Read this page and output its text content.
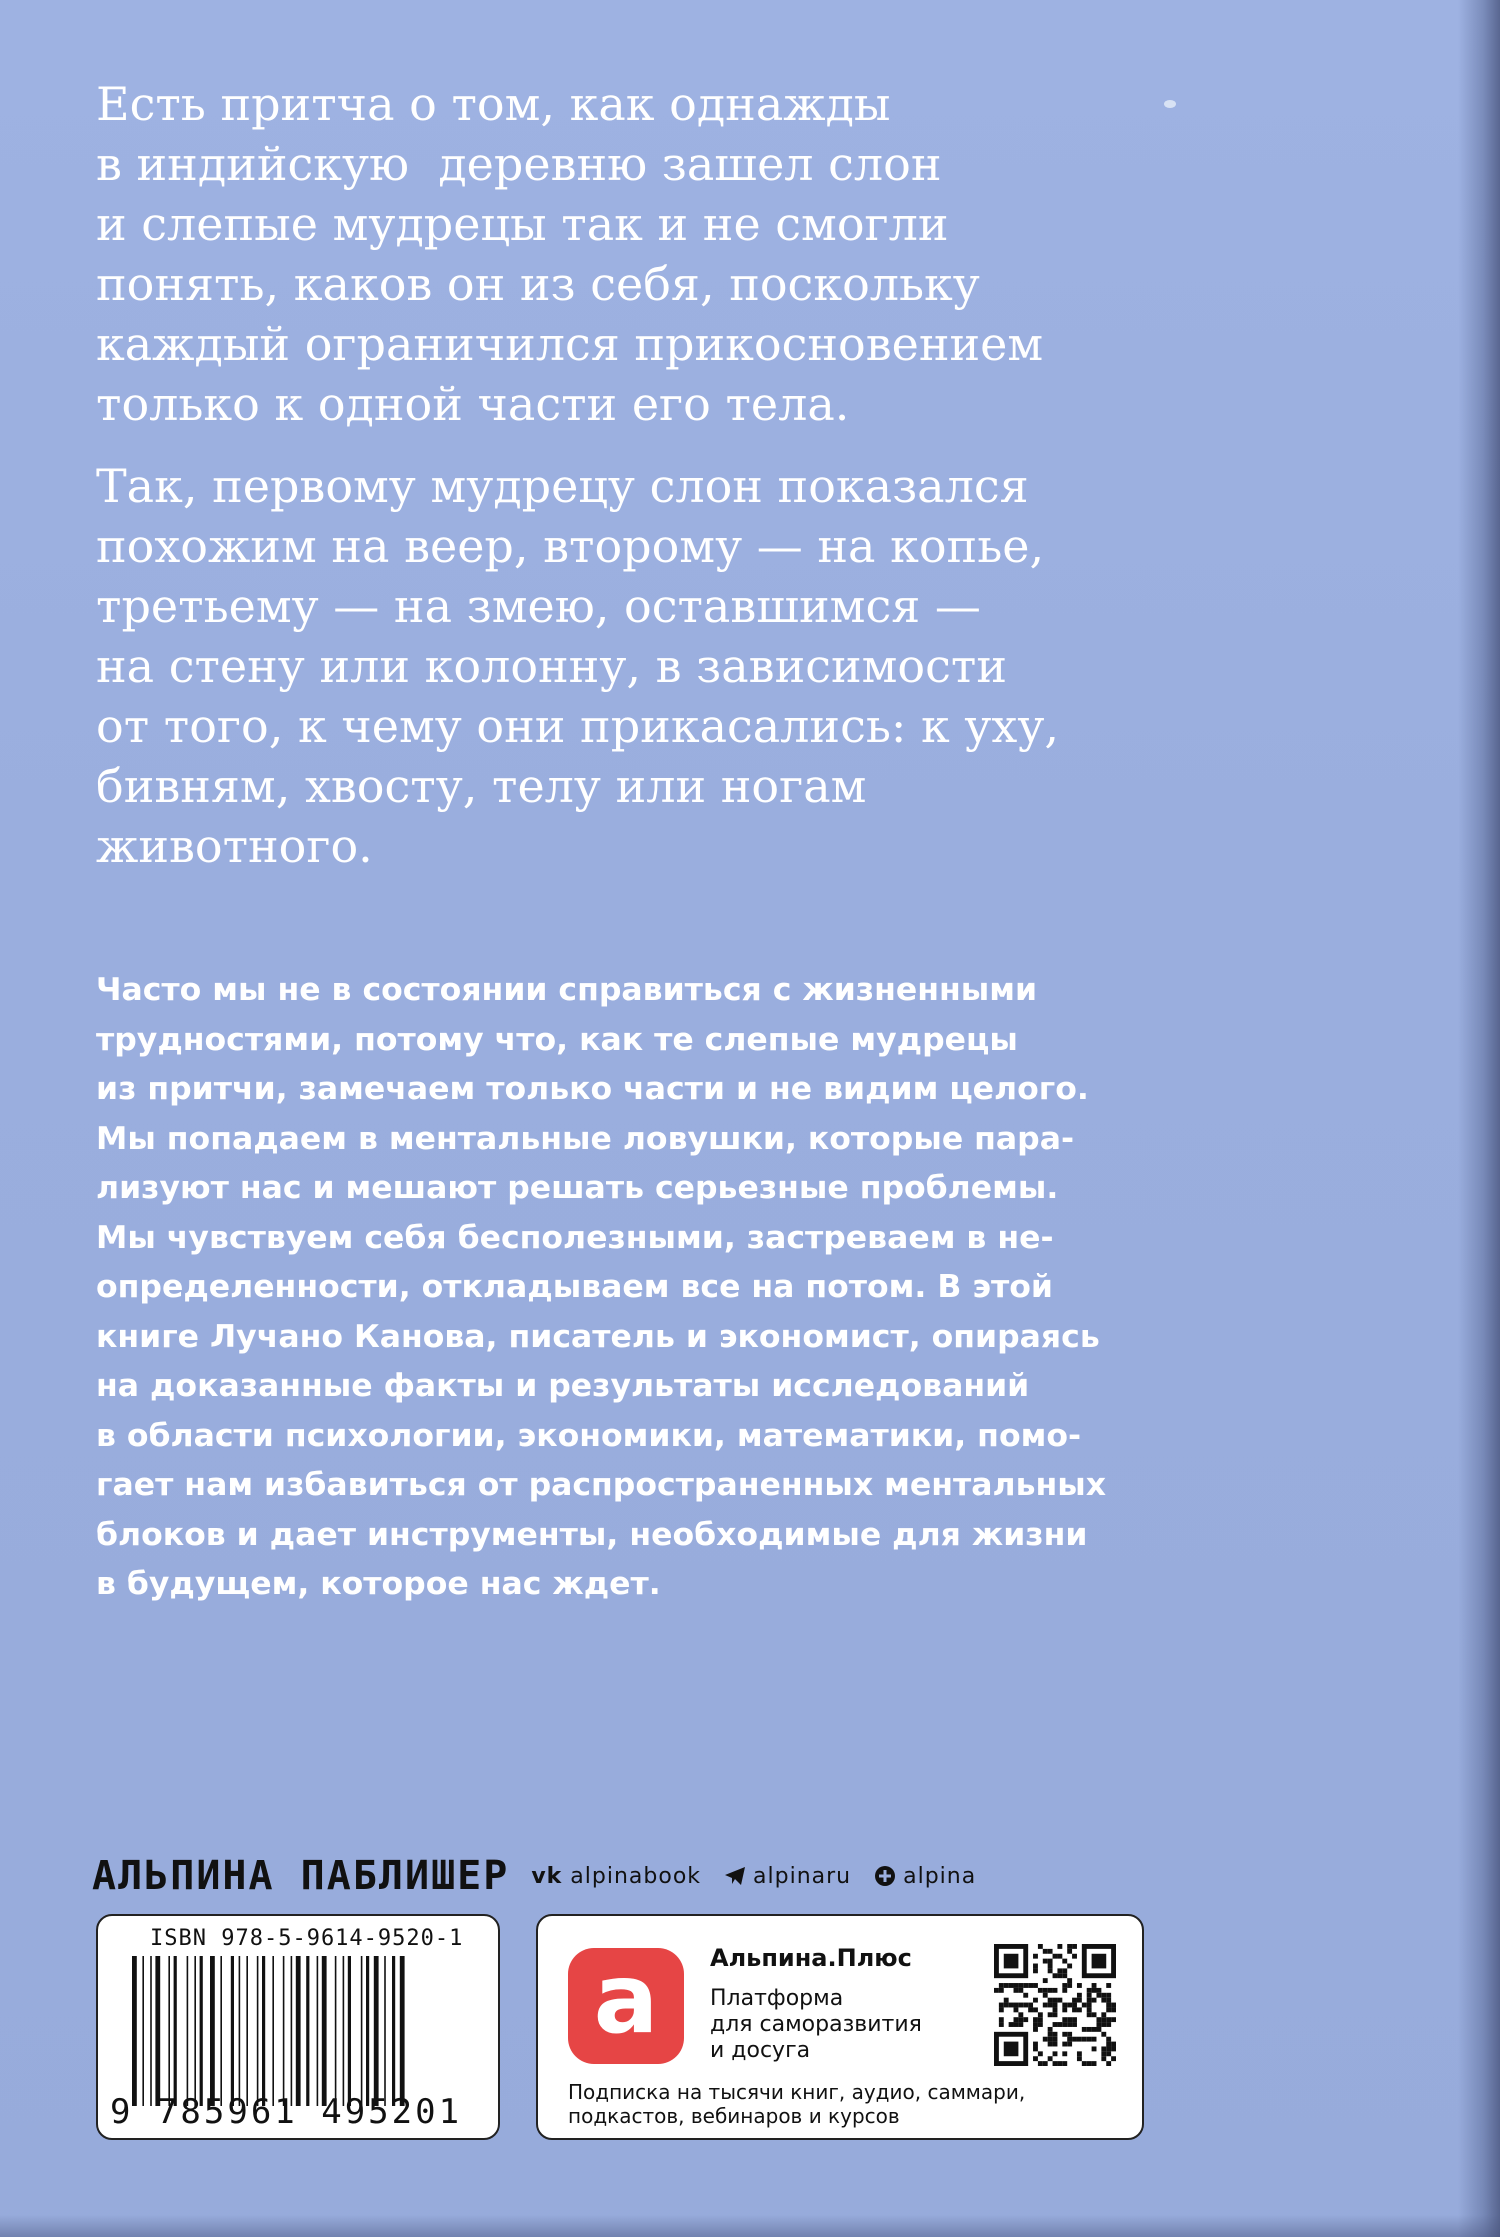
Есть притча о том, как однажды
в индийскую  деревню зашел слон
и слепые мудрецы так и не смогли
понять, каков он из себя, поскольку
каждый ограничился прикосновением
только к одной части его тела.

Так, первому мудрецу слон показался
похожим на веер, второму — на копье,
третьему — на змею, оставшимся —
на стену или колонну, в зависимости
от того, к чему они прикасались: к уху,
бивням, хвосту, телу или ногам
животного.

Часто мы не в состоянии справиться с жизненными
трудностями, потому что, как те слепые мудрецы
из притчи, замечаем только части и не видим целого.
Мы попадаем в ментальные ловушки, которые пара-
лизуют нас и мешают решать серьезные проблемы.
Мы чувствуем себя бесполезными, застреваем в не-
определенности, откладываем все на потом. В этой
книге Лучано Канова, писатель и экономист, опираясь
на доказанные факты и результаты исследований
в области психологии, экономики, математики, помо-
гает нам избавиться от распространенных ментальных
блоков и дает инструменты, необходимые для жизни
в будущем, которое нас ждет.
АЛЬПИНА ПАБЛИШЕР vk alpinabook alpinaru alpina
ISBN 978-5-9614-9520-1
9 785961 495201
a Альпина.Плюс
Платформа
для саморазвития
и досуга
Подписка на тысячи книг, аудио, саммари,
подкастов, вебинаров и курсов
